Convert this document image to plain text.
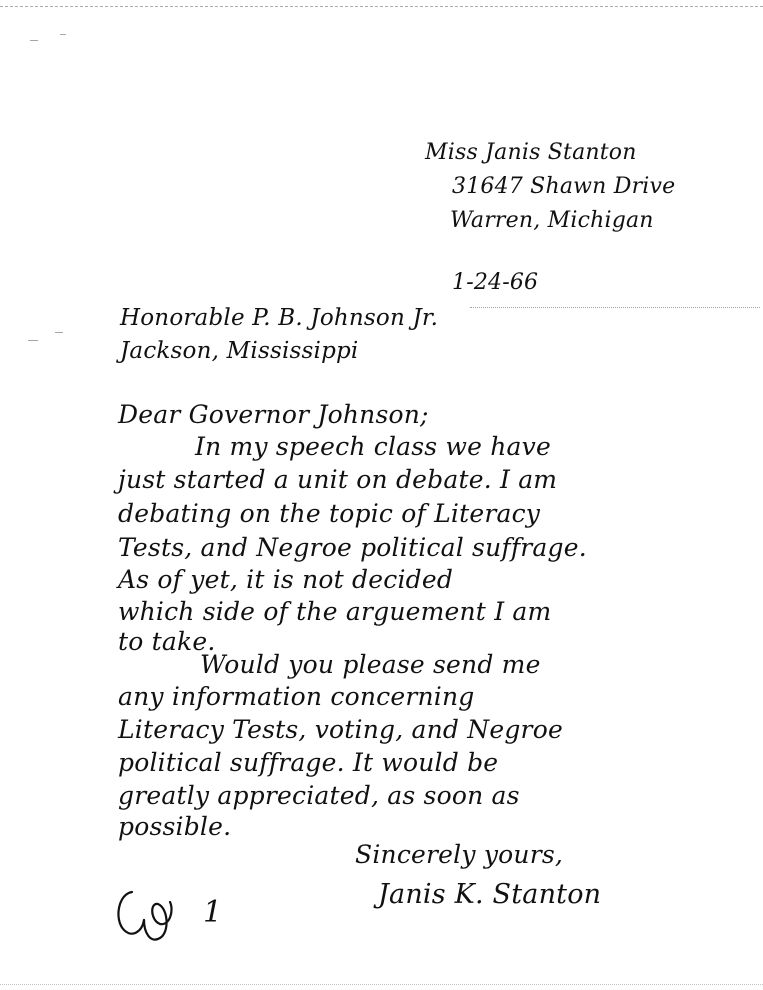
Miss Janis Stanton
31647 Shawn Drive
Warren, Michigan
1-24-66
Honorable P. B. Johnson Jr.
Jackson, Mississippi
Dear Governor Johnson;
In my speech class we have
just started a unit on debate. I am
debating on the topic of Literacy
Tests, and Negroe political suffrage.
As of yet, it is not decided
which side of the arguement I am
to take.
Would you please send me
any information concerning
Literacy Tests, voting, and Negroe
political suffrage. It would be
greatly appreciated, as soon as
possible.
Sincerely yours,
Janis K. Stanton
1
